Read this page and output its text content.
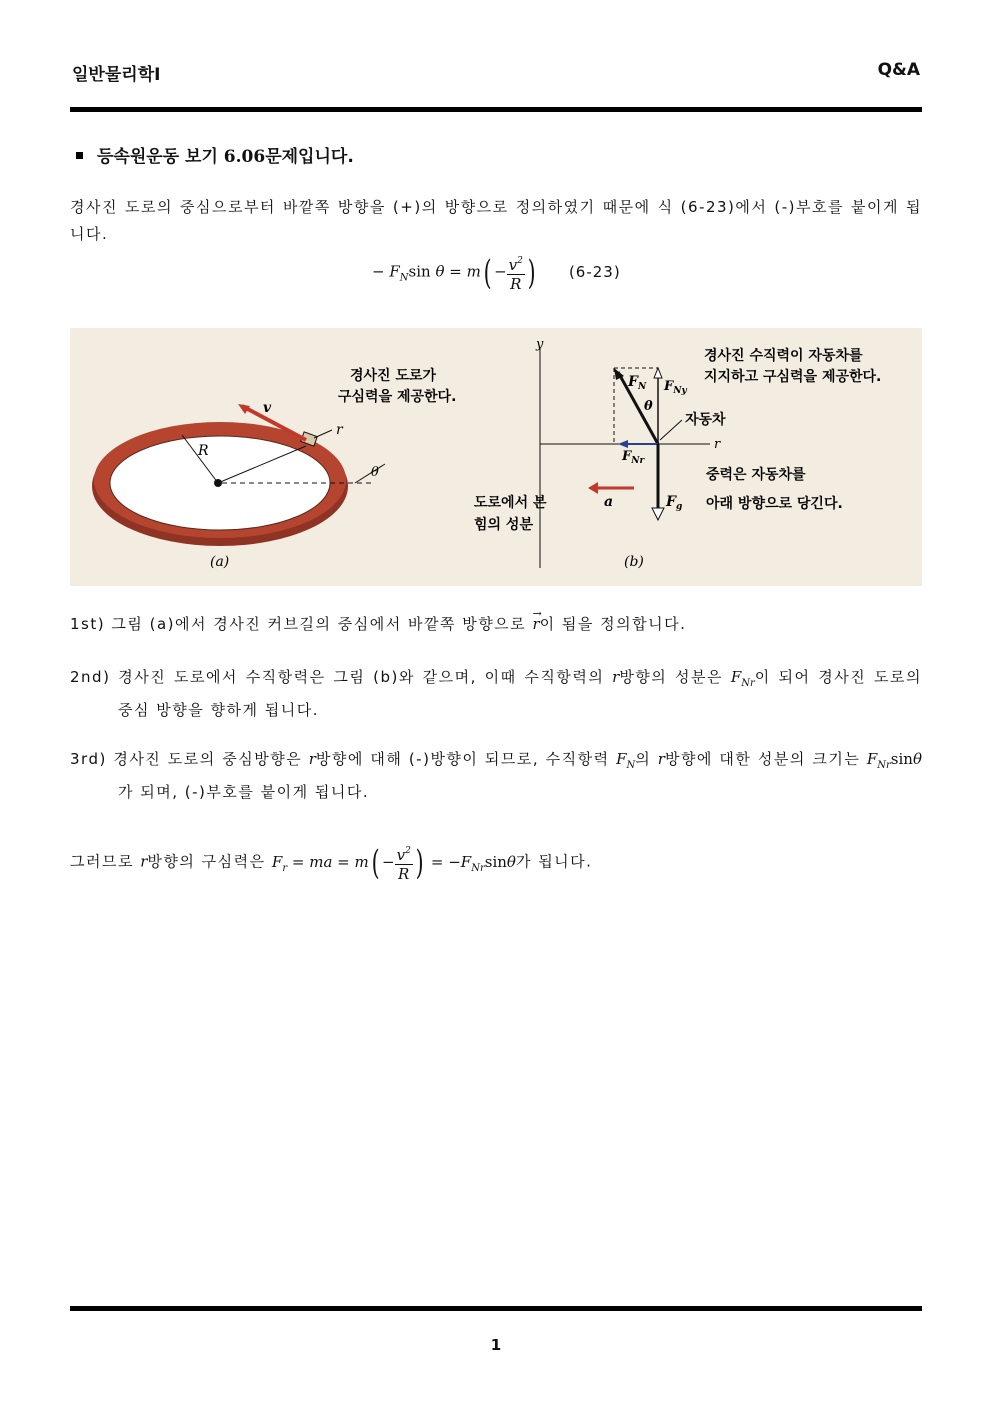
일반물리학I	Q&A
등속원운동 보기 6.06문제입니다.
경사진 도로의 중심으로부터 바깥쪽 방향을 (+)의 방향으로 정의하였기 때문에 식 (6-23)에서 (-)부호를 붙이게 됩니다.
− $F_N\sin$ $\theta = m( - \frac{v^2}{R}$ ) (6-23)
R
r
v
θ
경사진 도로가
구심력을 제공한다.
(a)
y
r
$F_N$ $F_{Ny}$
$F_{Nr}$
$F_g$
θ
a
자동차
경사진 수직력이 자동차를
지지하고 구심력을 제공한다.
중력은 자동차를
아래 방향으로 당긴다.
도로에서 본
힘의 성분
(b)
1st) 그림 (a)에서 경사진 커브길의 중심에서 바깥쪽 방향으로 → r이 됨을 정의합니다.
2nd) 경사진 도로에서 수직항력은 그림 (b)와 같으며, 이때 수직항력의 r방향의 성분은 $F_{Nr}$이 되어 경사진 도로의 중심 방향을 향하게 됩니다.
3rd) 경사진 도로의 중심방향은 r방향에 대해 (-)방향이 되므로, 수직항력 $F_N$의 r방향에 대한 성분의 크기는 $F_{Nr}\sin\theta$가 되며, (-)부호를 붙이게 됩니다.
그러므로 r방향의 구심력은 $F_r$ = ma = $m( - \frac{v^2}{R}$ ) = $-F_{Nr}\sin\theta$가 됩니다.
1
